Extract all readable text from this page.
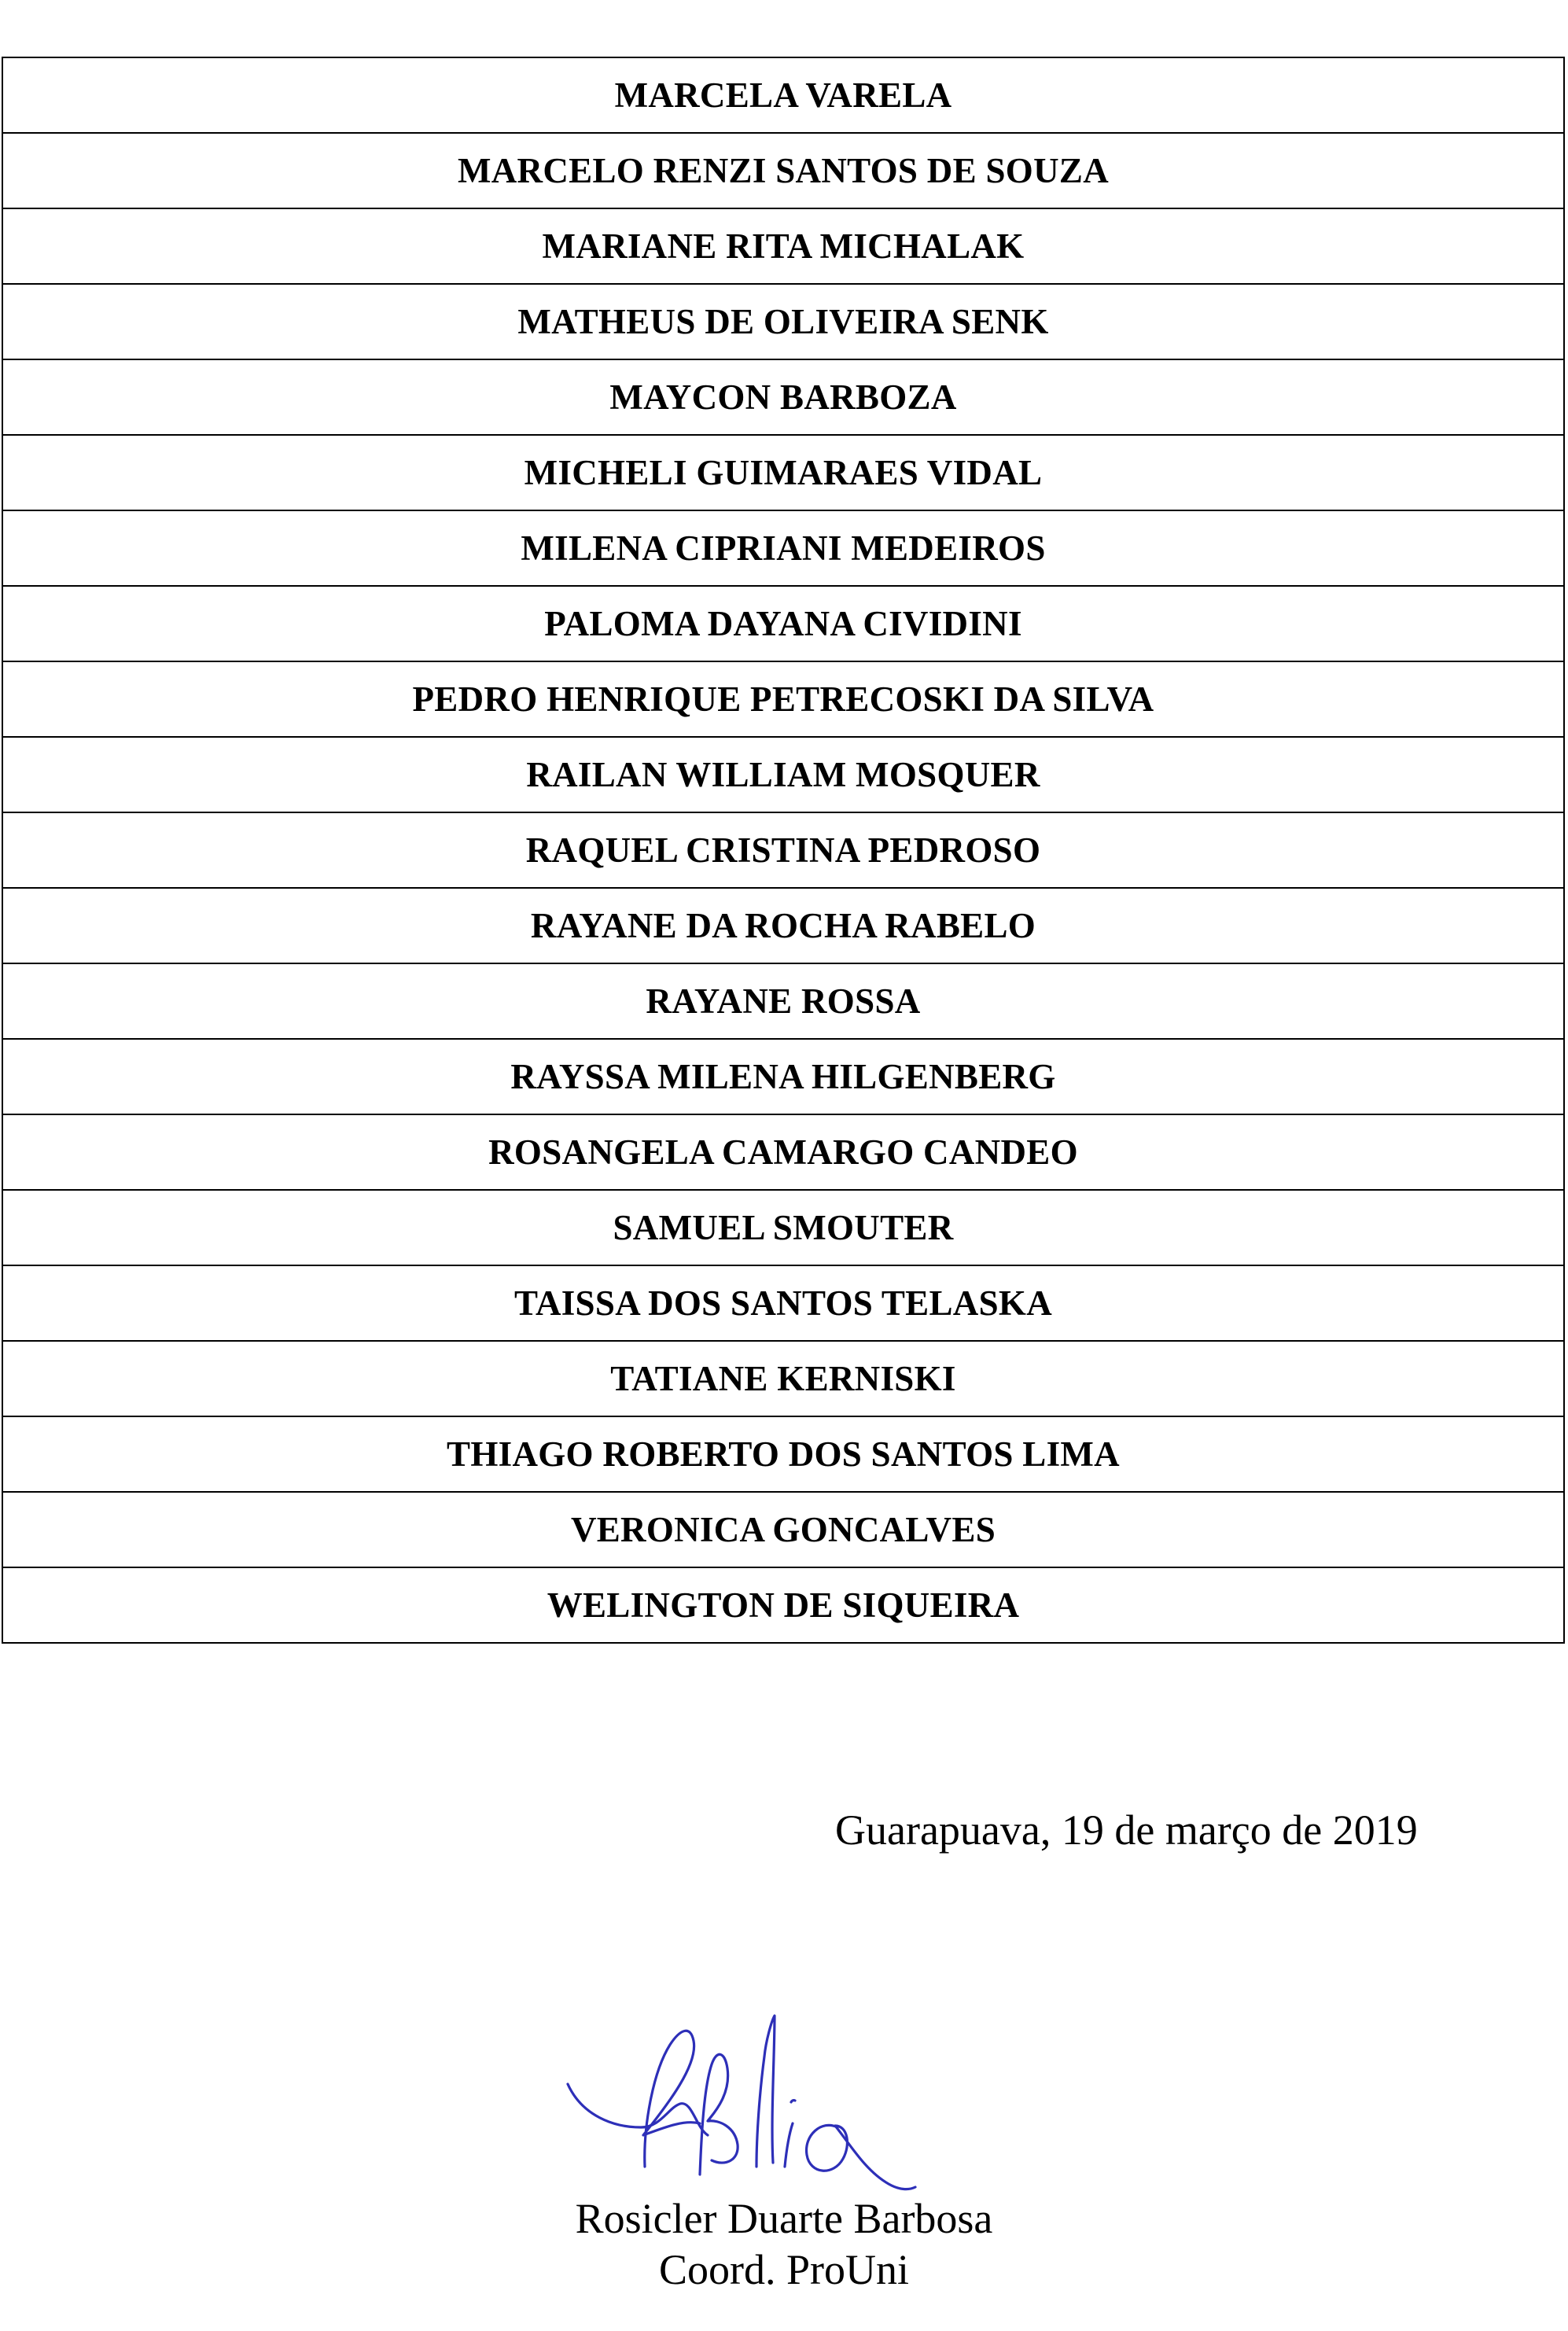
MARCELA VARELA
MARCELO RENZI SANTOS DE SOUZA
MARIANE RITA MICHALAK
MATHEUS DE OLIVEIRA SENK
MAYCON BARBOZA
MICHELI GUIMARAES VIDAL
MILENA CIPRIANI MEDEIROS
PALOMA DAYANA CIVIDINI
PEDRO HENRIQUE PETRECOSKI DA SILVA
RAILAN WILLIAM MOSQUER
RAQUEL CRISTINA PEDROSO
RAYANE DA ROCHA RABELO
RAYANE ROSSA
RAYSSA MILENA HILGENBERG
ROSANGELA CAMARGO CANDEO
SAMUEL SMOUTER
TAISSA DOS SANTOS TELASKA
TATIANE KERNISKI
THIAGO ROBERTO DOS SANTOS LIMA
VERONICA GONCALVES
WELINGTON DE SIQUEIRA
Guarapuava, 19 de março de 2019
Rosicler Duarte Barbosa
Coord. ProUni
